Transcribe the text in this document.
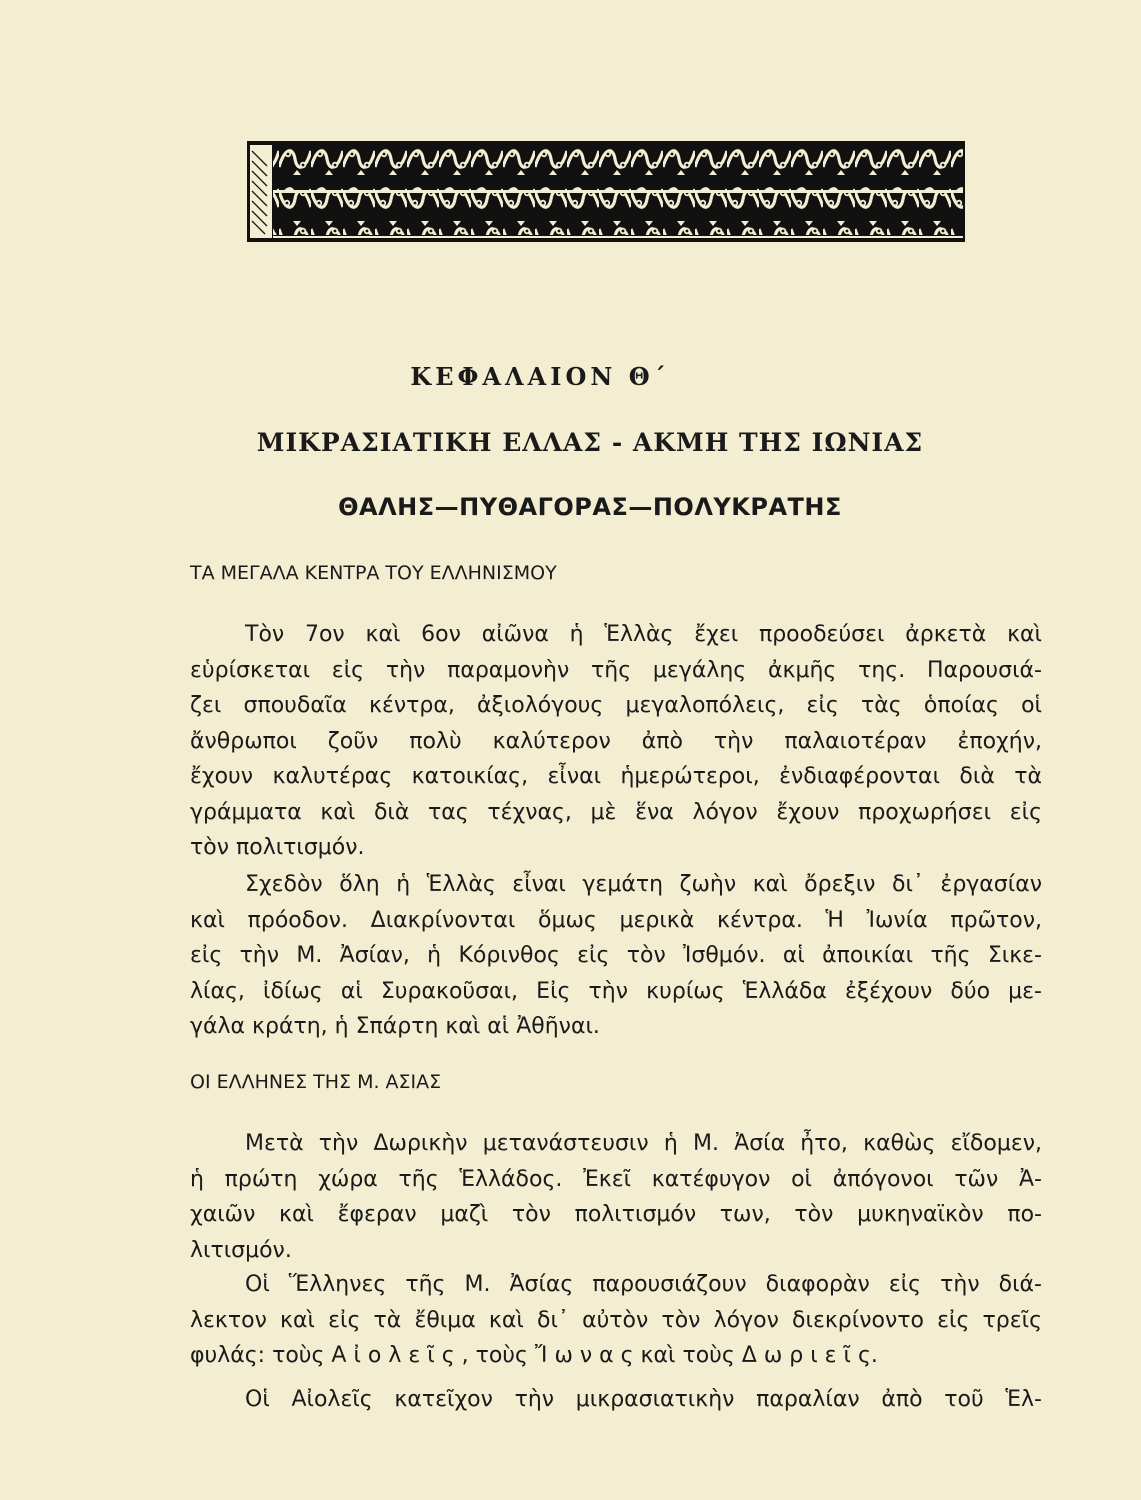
ΚΕΦΑΛΑΙΟΝ Θ΄
ΜΙΚΡΑΣΙΑΤΙΚΗ ΕΛΛΑΣ - ΑΚΜΗ ΤΗΣ ΙΩΝΙΑΣ
ΘΑΛΗΣ—ΠΥΘΑΓΟΡΑΣ—ΠΟΛΥΚΡΑΤΗΣ
ΤΑ ΜΕΓΑΛΑ ΚΕΝΤΡΑ ΤΟΥ ΕΛΛΗΝΙΣΜΟΥ
Τὸν 7ον καὶ 6ον αἰῶνα ἡ Ἑλλὰς ἔχει προοδεύσει ἀρκετὰ καὶ
εὑρίσκεται εἰς τὴν παραμονὴν τῆς μεγάλης ἀκμῆς της. Παρουσιά-
ζει σπουδαῖα κέντρα, ἀξιολόγους μεγαλοπόλεις, εἰς τὰς ὁποίας οἱ
ἄνθρωποι ζοῦν πολὺ καλύτερον ἀπὸ τὴν παλαιοτέραν ἐποχήν,
ἔχουν καλυτέρας κατοικίας, εἶναι ἡμερώτεροι, ἐνδιαφέρονται διὰ τὰ
γράμματα καὶ διὰ τας τέχνας, μὲ ἕνα λόγον ἔχουν προχωρήσει εἰς
τὸν πολιτισμόν.
Σχεδὸν ὅλη ἡ Ἑλλὰς εἶναι γεμάτη ζωὴν καὶ ὄρεξιν δι᾽ ἐργασίαν
καὶ πρόοδον. Διακρίνονται ὅμως μερικὰ κέντρα. Ἡ Ἰωνία πρῶτον,
εἰς τὴν Μ. Ἀσίαν, ἡ Κόρινθος εἰς τὸν Ἰσθμόν. αἱ ἀποικίαι τῆς Σικε-
λίας, ἰδίως αἱ Συρακοῦσαι, Εἰς τὴν κυρίως Ἑλλάδα ἐξέχουν δύο με-
γάλα κράτη, ἡ Σπάρτη καὶ αἱ Ἀθῆναι.
ΟΙ ΕΛΛΗΝΕΣ ΤΗΣ Μ. ΑΣΙΑΣ
Μετὰ τὴν Δωρικὴν μετανάστευσιν ἡ Μ. Ἀσία ἦτο, καθὼς εἴδομεν,
ἡ πρώτη χώρα τῆς Ἑλλάδος. Ἐκεῖ κατέφυγον οἱ ἀπόγονοι τῶν Ἀ-
χαιῶν καὶ ἔφεραν μαζὶ τὸν πολιτισμόν των, τὸν μυκηναϊκὸν πο-
λιτισμόν.
Οἱ Ἕλληνες τῆς Μ. Ἀσίας παρουσιάζουν διαφορὰν εἰς τὴν διά-
λεκτον καὶ εἰς τὰ ἔθιμα καὶ δι᾽ αὐτὸν τὸν λόγον διεκρίνοντο εἰς τρεῖς
φυλάς: τοὺς Α ἰ ο λ ε ῖ ς , τοὺς Ἴ ω ν α ς καὶ τοὺς Δ ω ρ ι ε ῖ ς.
Οἱ Αἰολεῖς κατεῖχον τὴν μικρασιατικὴν παραλίαν ἀπὸ τοῦ Ἑλ-
